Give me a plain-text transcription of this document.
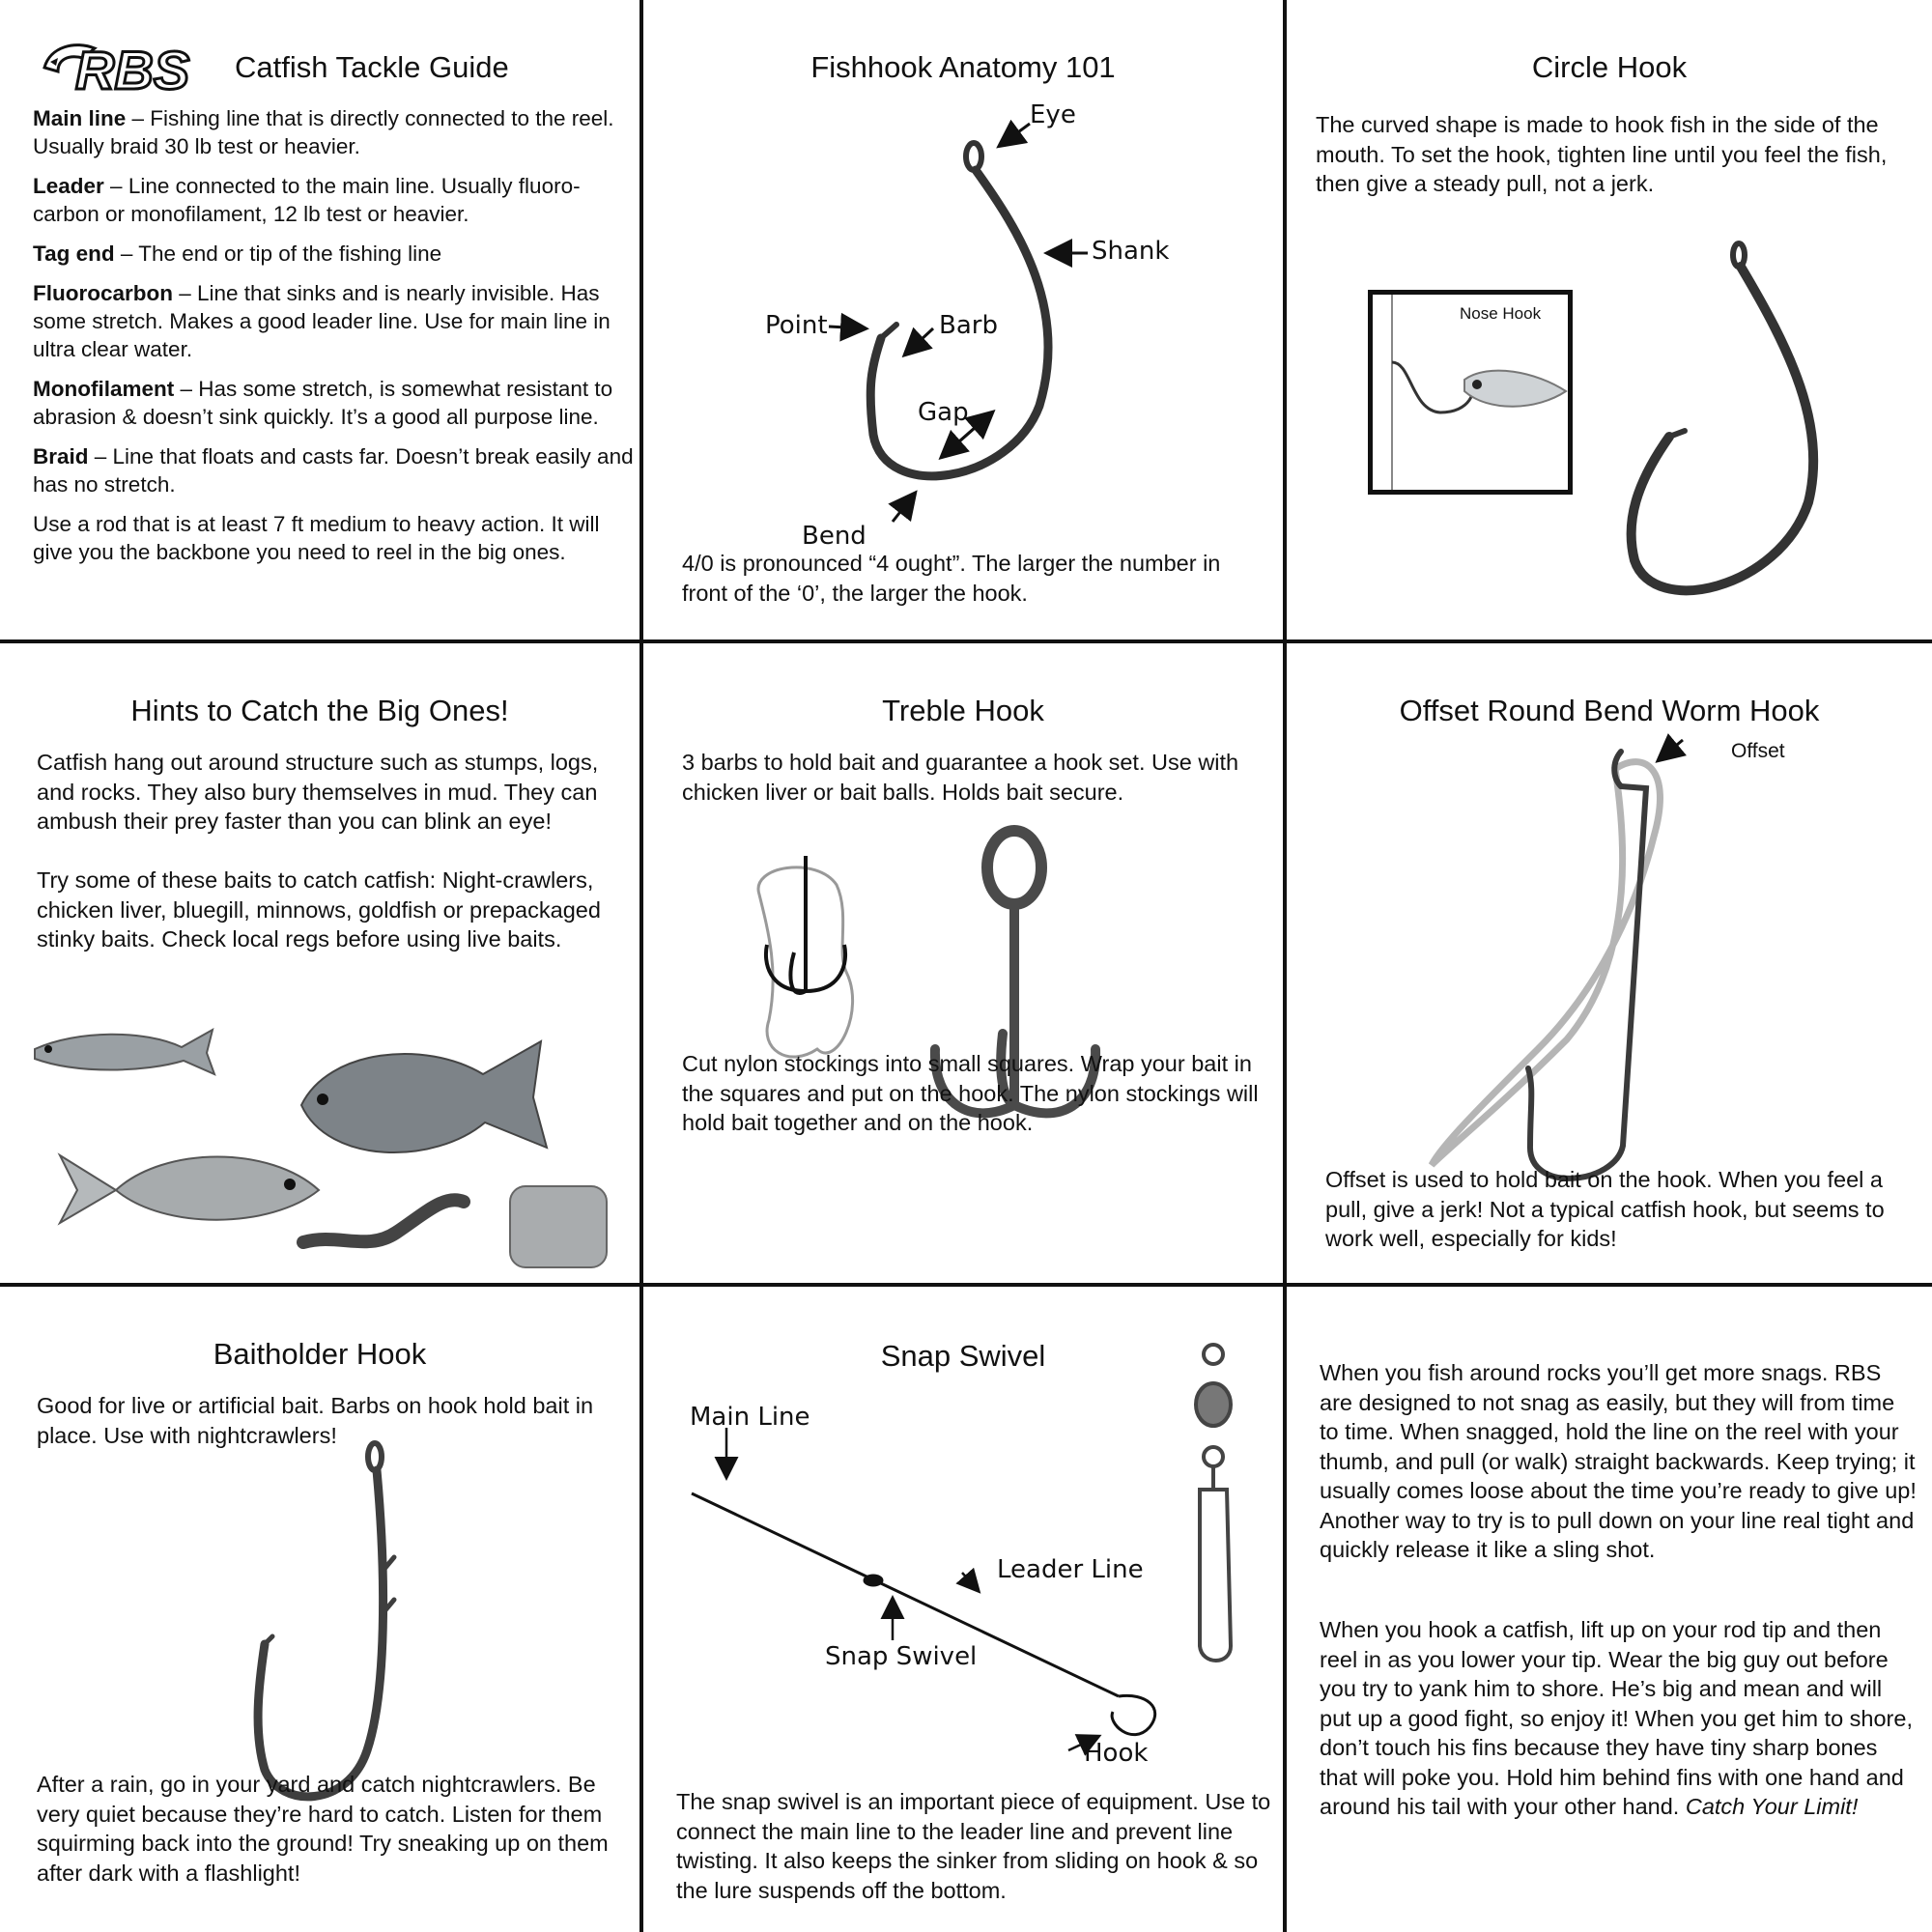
RBS Catfish Tackle Guide
Main line – Fishing line that is directly connected to the reel. Usually braid 30 lb test or heavier.
Leader – Line connected to the main line. Usually fluoro-carbon or monofilament, 12 lb test or heavier.
Tag end – The end or tip of the fishing line
Fluorocarbon – Line that sinks and is nearly invisible. Has some stretch. Makes a good leader line. Use for main line in ultra clear water.
Monofilament – Has some stretch, is somewhat resistant to abrasion & doesn’t sink quickly. It’s a good all purpose line.
Braid – Line that floats and casts far. Doesn’t break easily and has no stretch.
Use a rod that is at least 7 ft medium to heavy action. It will give you the backbone you need to reel in the big ones.
Fishhook Anatomy 101
Eye
Shank
Point	Barb
Gap
Bend
4/0 is pronounced “4 ought”. The larger the number in front of the ‘0’, the larger the hook.
Circle Hook
The curved shape is made to hook fish in the side of the mouth. To set the hook, tighten line until you feel the fish, then give a steady pull, not a jerk.
Nose Hook
Hints to Catch the Big Ones!
Catfish hang out around structure such as stumps, logs, and rocks. They also bury themselves in mud. They can ambush their prey faster than you can blink an eye!
Try some of these baits to catch catfish: Night-crawlers, chicken liver, bluegill, minnows, goldfish or prepackaged stinky baits. Check local regs before using live baits.
Treble Hook
3 barbs to hold bait and guarantee a hook set. Use with chicken liver or bait balls. Holds bait secure.
Cut nylon stockings into small squares. Wrap your bait in the squares and put on the hook. The nylon stockings will hold bait together and on the hook.
Offset Round Bend Worm Hook
Offset
Offset is used to hold bait on the hook. When you feel a pull, give a jerk! Not a typical catfish hook, but seems to work well, especially for kids!
Baitholder Hook
Good for live or artificial bait. Barbs on hook hold bait in place. Use with nightcrawlers!
After a rain, go in your yard and catch nightcrawlers. Be very quiet because they’re hard to catch. Listen for them squirming back into the ground! Try sneaking up on them after dark with a flashlight!
Snap Swivel
Main Line
Leader Line
Snap Swivel
Hook
The snap swivel is an important piece of equipment. Use to connect the main line to the leader line and prevent line twisting. It also keeps the sinker from sliding on hook & so the lure suspends off the bottom.
When you fish around rocks you’ll get more snags. RBS are designed to not snag as easily, but they will from time to time. When snagged, hold the line on the reel with your thumb, and pull (or walk) straight backwards. Keep trying; it usually comes loose about the time you’re ready to give up! Another way to try is to pull down on your line real tight and quickly release it like a sling shot.
When you hook a catfish, lift up on your rod tip and then reel in as you lower your tip. Wear the big guy out before you try to yank him to shore. He’s big and mean and will put up a good fight, so enjoy it! When you get him to shore, don’t touch his fins because they have tiny sharp bones that will poke you. Hold him behind fins with one hand and around his tail with your other hand. Catch Your Limit!
